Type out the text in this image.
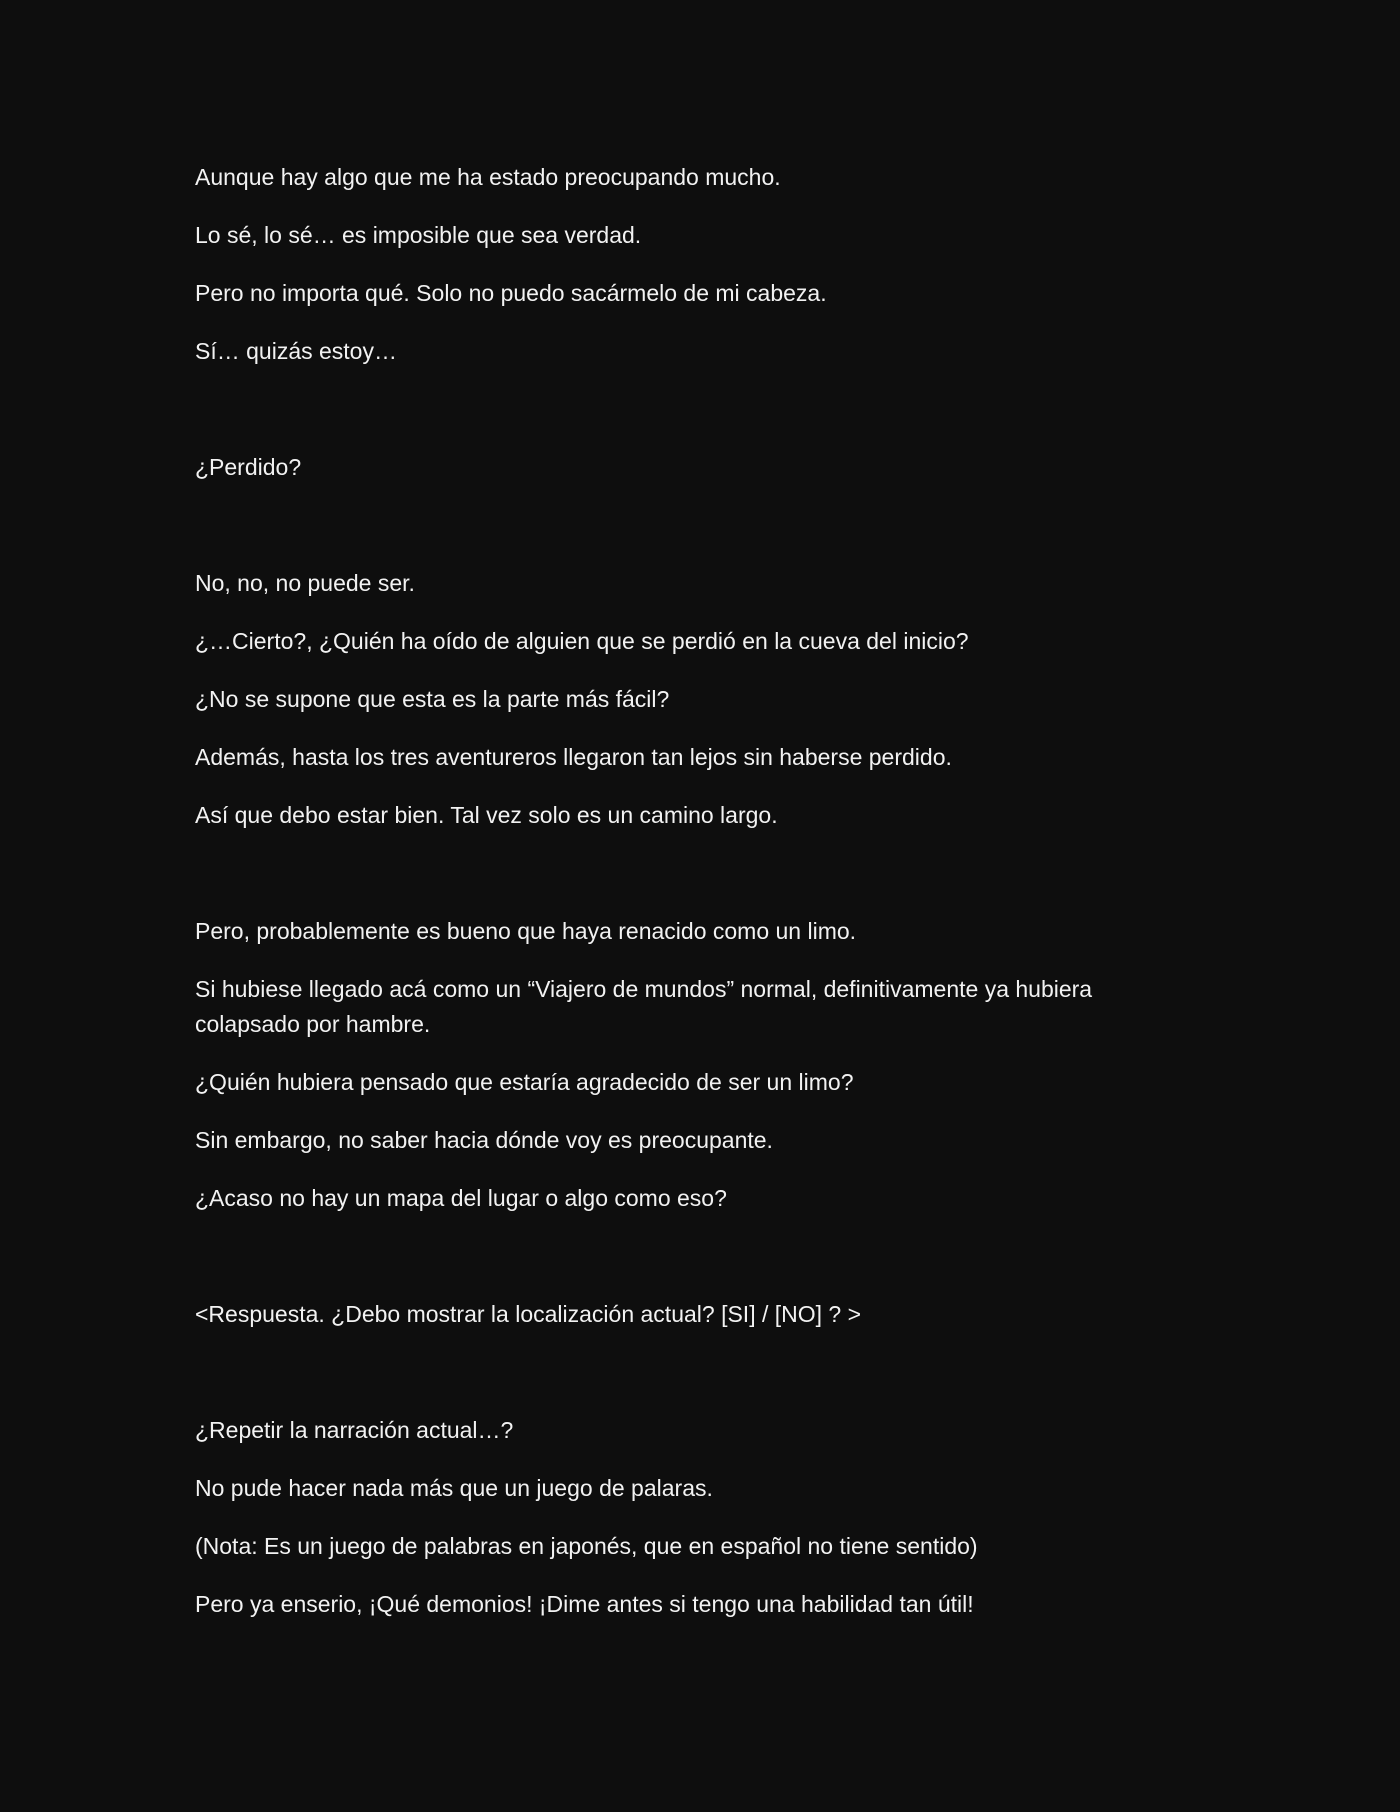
Aunque hay algo que me ha estado preocupando mucho.

Lo sé, lo sé… es imposible que sea verdad.

Pero no importa qué. Solo no puedo sacármelo de mi cabeza.

Sí… quizás estoy…

¿Perdido?

No, no, no puede ser.

¿…Cierto?, ¿Quién ha oído de alguien que se perdió en la cueva del inicio?

¿No se supone que esta es la parte más fácil?

Además, hasta los tres aventureros llegaron tan lejos sin haberse perdido.

Así que debo estar bien. Tal vez solo es un camino largo.

Pero, probablemente es bueno que haya renacido como un limo.

Si hubiese llegado acá como un “Viajero de mundos” normal, definitivamente ya hubiera colapsado por hambre.

¿Quién hubiera pensado que estaría agradecido de ser un limo?

Sin embargo, no saber hacia dónde voy es preocupante.

¿Acaso no hay un mapa del lugar o algo como eso?

<Respuesta. ¿Debo mostrar la localización actual? [SI] / [NO] ? >

¿Repetir la narración actual…?

No pude hacer nada más que un juego de palaras.

(Nota: Es un juego de palabras en japonés, que en español no tiene sentido)

Pero ya enserio, ¡Qué demonios! ¡Dime antes si tengo una habilidad tan útil!
